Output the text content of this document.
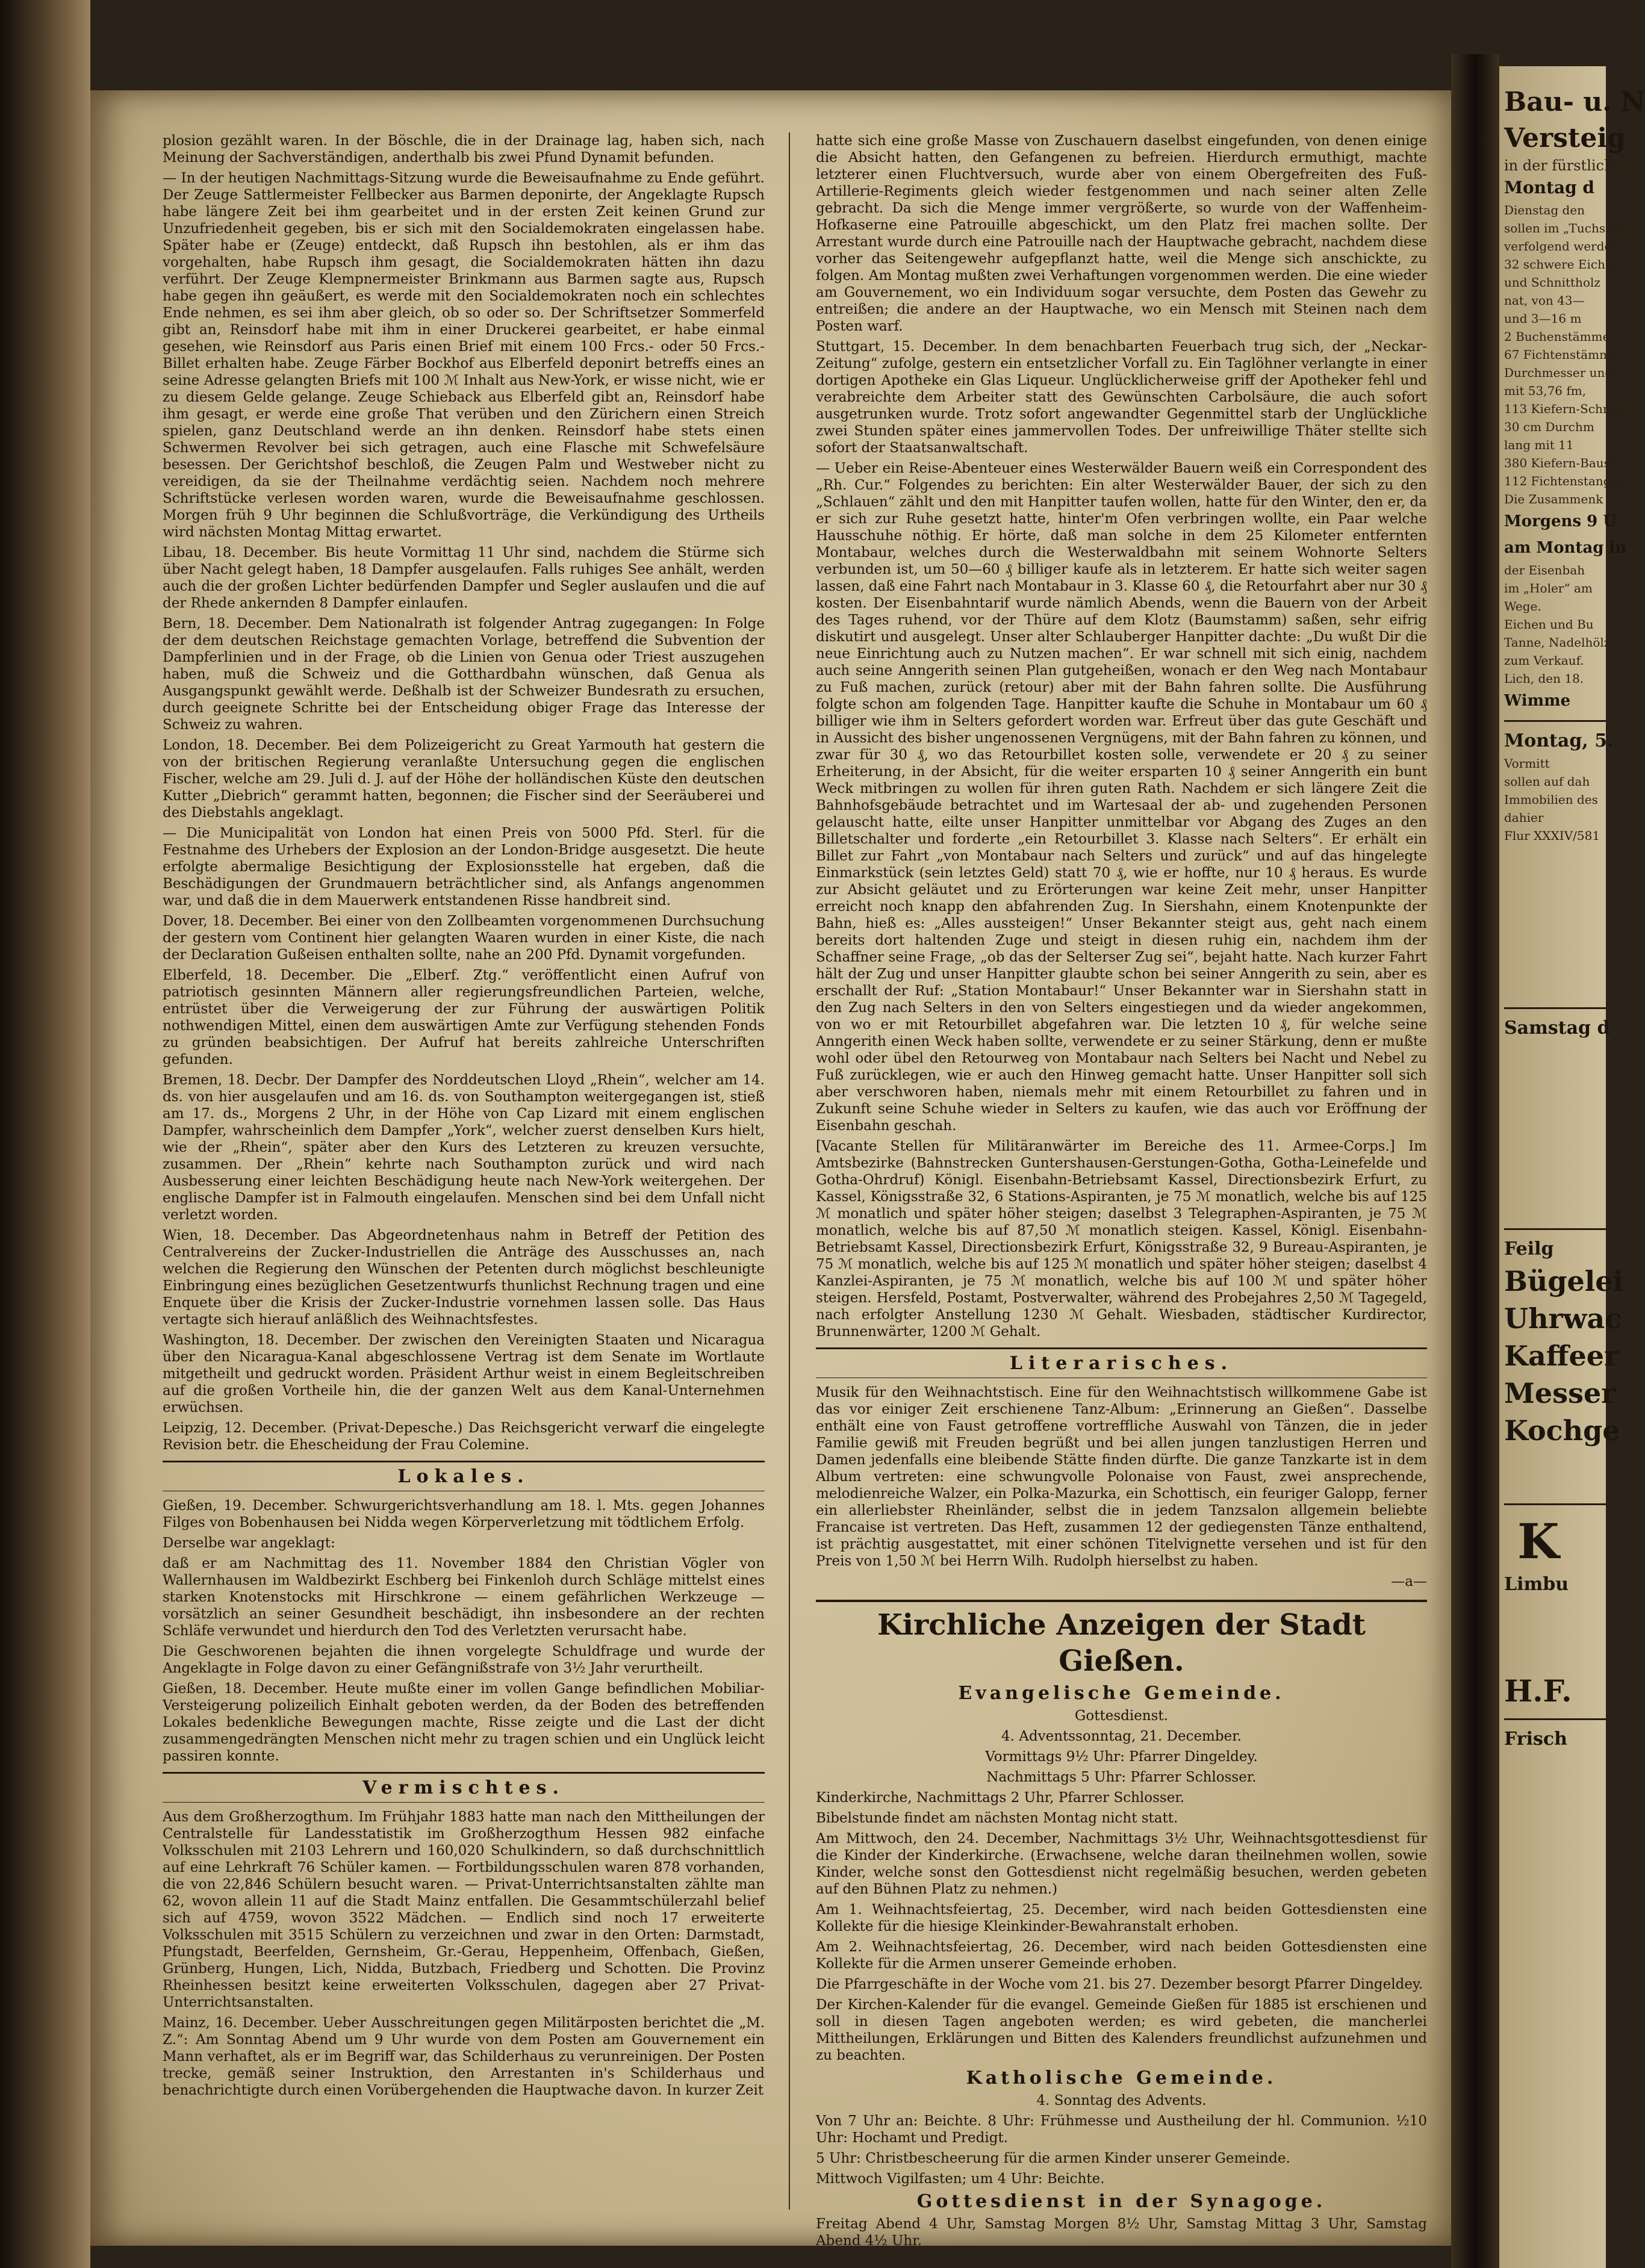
plosion gezählt waren. In der Böschle, die in der Drainage lag, haben sich, nach Meinung der Sachverständigen, anderthalb bis zwei Pfund Dynamit befunden.

— In der heutigen Nachmittags-Sitzung wurde die Beweisaufnahme zu Ende geführt. Der Zeuge Sattlermeister Fellbecker aus Barmen deponirte, der Angeklagte Rupsch habe längere Zeit bei ihm gearbeitet und in der ersten Zeit keinen Grund zur Unzufriedenheit gegeben, bis er sich mit den Socialdemokraten eingelassen habe. Später habe er (Zeuge) entdeckt, daß Rupsch ihn bestohlen, als er ihm das vorgehalten, habe Rupsch ihm gesagt, die Socialdemokraten hätten ihn dazu verführt. Der Zeuge Klempnermeister Brinkmann aus Barmen sagte aus, Rupsch habe gegen ihn geäußert, es werde mit den Socialdemokraten noch ein schlechtes Ende nehmen, es sei ihm aber gleich, ob so oder so. Der Schriftsetzer Sommerfeld gibt an, Reinsdorf habe mit ihm in einer Druckerei gearbeitet, er habe einmal gesehen, wie Reinsdorf aus Paris einen Brief mit einem 100 Frcs.- oder 50 Frcs.-Billet erhalten habe. Zeuge Färber Bockhof aus Elberfeld deponirt betreffs eines an seine Adresse gelangten Briefs mit 100 ℳ Inhalt aus New-York, er wisse nicht, wie er zu diesem Gelde gelange. Zeuge Schieback aus Elberfeld gibt an, Reinsdorf habe ihm gesagt, er werde eine große That verüben und den Zürichern einen Streich spielen, ganz Deutschland werde an ihn denken. Reinsdorf habe stets einen Schwermen Revolver bei sich getragen, auch eine Flasche mit Schwefelsäure besessen. Der Gerichtshof beschloß, die Zeugen Palm und Westweber nicht zu vereidigen, da sie der Theilnahme verdächtig seien. Nachdem noch mehrere Schriftstücke verlesen worden waren, wurde die Beweisaufnahme geschlossen. Morgen früh 9 Uhr beginnen die Schlußvorträge, die Verkündigung des Urtheils wird nächsten Montag Mittag erwartet.

Libau, 18. December. Bis heute Vormittag 11 Uhr sind, nachdem die Stürme sich über Nacht gelegt haben, 18 Dampfer ausgelaufen. Falls ruhiges See anhält, werden auch die der großen Lichter bedürfenden Dampfer und Segler auslaufen und die auf der Rhede ankernden 8 Dampfer einlaufen.

Bern, 18. December. Dem Nationalrath ist folgender Antrag zugegangen: In Folge der dem deutschen Reichstage gemachten Vorlage, betreffend die Subvention der Dampferlinien und in der Frage, ob die Linien von Genua oder Triest auszugehen haben, muß die Schweiz und die Gotthardbahn wünschen, daß Genua als Ausgangspunkt gewählt werde. Deßhalb ist der Schweizer Bundesrath zu ersuchen, durch geeignete Schritte bei der Entscheidung obiger Frage das Interesse der Schweiz zu wahren.

London, 18. December. Bei dem Polizeigericht zu Great Yarmouth hat gestern die von der britischen Regierung veranlaßte Untersuchung gegen die englischen Fischer, welche am 29. Juli d. J. auf der Höhe der holländischen Küste den deutschen Kutter „Diebrich“ gerammt hatten, begonnen; die Fischer sind der Seeräuberei und des Diebstahls angeklagt.

— Die Municipalität von London hat einen Preis von 5000 Pfd. Sterl. für die Festnahme des Urhebers der Explosion an der London-Bridge ausgesetzt. Die heute erfolgte abermalige Besichtigung der Explosionsstelle hat ergeben, daß die Beschädigungen der Grundmauern beträchtlicher sind, als Anfangs angenommen war, und daß die in dem Mauerwerk entstandenen Risse handbreit sind.

Dover, 18. December. Bei einer von den Zollbeamten vorgenommenen Durchsuchung der gestern vom Continent hier gelangten Waaren wurden in einer Kiste, die nach der Declaration Gußeisen enthalten sollte, nahe an 200 Pfd. Dynamit vorgefunden.

Elberfeld, 18. December. Die „Elberf. Ztg.“ veröffentlicht einen Aufruf von patriotisch gesinnten Männern aller regierungsfreundlichen Parteien, welche, entrüstet über die Verweigerung der zur Führung der auswärtigen Politik nothwendigen Mittel, einen dem auswärtigen Amte zur Verfügung stehenden Fonds zu gründen beabsichtigen. Der Aufruf hat bereits zahlreiche Unterschriften gefunden.

Bremen, 18. Decbr. Der Dampfer des Norddeutschen Lloyd „Rhein“, welcher am 14. ds. von hier ausgelaufen und am 16. ds. von Southampton weitergegangen ist, stieß am 17. ds., Morgens 2 Uhr, in der Höhe von Cap Lizard mit einem englischen Dampfer, wahrscheinlich dem Dampfer „York“, welcher zuerst denselben Kurs hielt, wie der „Rhein“, später aber den Kurs des Letzteren zu kreuzen versuchte, zusammen. Der „Rhein“ kehrte nach Southampton zurück und wird nach Ausbesserung einer leichten Beschädigung heute nach New-York weitergehen. Der englische Dampfer ist in Falmouth eingelaufen. Menschen sind bei dem Unfall nicht verletzt worden.

Wien, 18. December. Das Abgeordnetenhaus nahm in Betreff der Petition des Centralvereins der Zucker-Industriellen die Anträge des Ausschusses an, nach welchen die Regierung den Wünschen der Petenten durch möglichst beschleunigte Einbringung eines bezüglichen Gesetzentwurfs thunlichst Rechnung tragen und eine Enquete über die Krisis der Zucker-Industrie vornehmen lassen solle. Das Haus vertagte sich hierauf anläßlich des Weihnachtsfestes.

Washington, 18. December. Der zwischen den Vereinigten Staaten und Nicaragua über den Nicaragua-Kanal abgeschlossene Vertrag ist dem Senate im Wortlaute mitgetheilt und gedruckt worden. Präsident Arthur weist in einem Begleitschreiben auf die großen Vortheile hin, die der ganzen Welt aus dem Kanal-Unternehmen erwüchsen.

Leipzig, 12. December. (Privat-Depesche.) Das Reichsgericht verwarf die eingelegte Revision betr. die Ehescheidung der Frau Colemine.

Lokales.

Gießen, 19. December. Schwurgerichtsverhandlung am 18. l. Mts. gegen Johannes Filges von Bobenhausen bei Nidda wegen Körperverletzung mit tödtlichem Erfolg.

Derselbe war angeklagt:

daß er am Nachmittag des 11. November 1884 den Christian Vögler von Wallernhausen im Waldbezirkt Eschberg bei Finkenloh durch Schläge mittelst eines starken Knotenstocks mit Hirschkrone — einem gefährlichen Werkzeuge — vorsätzlich an seiner Gesundheit beschädigt, ihn insbesondere an der rechten Schläfe verwundet und hierdurch den Tod des Verletzten verursacht habe.

Die Geschworenen bejahten die ihnen vorgelegte Schuldfrage und wurde der Angeklagte in Folge davon zu einer Gefängnißstrafe von 3½ Jahr verurtheilt.

Gießen, 18. December. Heute mußte einer im vollen Gange befindlichen Mobiliar-Versteigerung polizeilich Einhalt geboten werden, da der Boden des betreffenden Lokales bedenkliche Bewegungen machte, Risse zeigte und die Last der dicht zusammengedrängten Menschen nicht mehr zu tragen schien und ein Unglück leicht passiren konnte.

Vermischtes.

Aus dem Großherzogthum. Im Frühjahr 1883 hatte man nach den Mittheilungen der Centralstelle für Landesstatistik im Großherzogthum Hessen 982 einfache Volksschulen mit 2103 Lehrern und 160,020 Schulkindern, so daß durchschnittlich auf eine Lehrkraft 76 Schüler kamen. — Fortbildungsschulen waren 878 vorhanden, die von 22,846 Schülern besucht waren. — Privat-Unterrichtsanstalten zählte man 62, wovon allein 11 auf die Stadt Mainz entfallen. Die Gesammtschülerzahl belief sich auf 4759, wovon 3522 Mädchen. — Endlich sind noch 17 erweiterte Volksschulen mit 3515 Schülern zu verzeichnen und zwar in den Orten: Darmstadt, Pfungstadt, Beerfelden, Gernsheim, Gr.-Gerau, Heppenheim, Offenbach, Gießen, Grünberg, Hungen, Lich, Nidda, Butzbach, Friedberg und Schotten. Die Provinz Rheinhessen besitzt keine erweiterten Volksschulen, dagegen aber 27 Privat-Unterrichtsanstalten.

Mainz, 16. December. Ueber Ausschreitungen gegen Militärposten berichtet die „M. Z.“: Am Sonntag Abend um 9 Uhr wurde von dem Posten am Gouvernement ein Mann verhaftet, als er im Begriff war, das Schilderhaus zu verunreinigen. Der Posten trecke, gemäß seiner Instruktion, den Arrestanten in's Schilderhaus und benachrichtigte durch einen Vorübergehenden die Hauptwache davon. In kurzer Zeit

hatte sich eine große Masse von Zuschauern daselbst eingefunden, von denen einige die Absicht hatten, den Gefangenen zu befreien. Hierdurch ermuthigt, machte letzterer einen Fluchtversuch, wurde aber von einem Obergefreiten des Fuß-Artillerie-Regiments gleich wieder festgenommen und nach seiner alten Zelle gebracht. Da sich die Menge immer vergrößerte, so wurde von der Waffenheim-Hofkaserne eine Patrouille abgeschickt, um den Platz frei machen sollte. Der Arrestant wurde durch eine Patrouille nach der Hauptwache gebracht, nachdem diese vorher das Seitengewehr aufgepflanzt hatte, weil die Menge sich anschickte, zu folgen. Am Montag mußten zwei Verhaftungen vorgenommen werden. Die eine wieder am Gouvernement, wo ein Individuum sogar versuchte, dem Posten das Gewehr zu entreißen; die andere an der Hauptwache, wo ein Mensch mit Steinen nach dem Posten warf.

Stuttgart, 15. December. In dem benachbarten Feuerbach trug sich, der „Neckar-Zeitung“ zufolge, gestern ein entsetzlicher Vorfall zu. Ein Taglöhner verlangte in einer dortigen Apotheke ein Glas Liqueur. Unglücklicherweise griff der Apotheker fehl und verabreichte dem Arbeiter statt des Gewünschten Carbolsäure, die auch sofort ausgetrunken wurde. Trotz sofort angewandter Gegenmittel starb der Unglückliche zwei Stunden später eines jammervollen Todes. Der unfreiwillige Thäter stellte sich sofort der Staatsanwaltschaft.

— Ueber ein Reise-Abenteuer eines Westerwälder Bauern weiß ein Correspondent des „Rh. Cur.“ Folgendes zu berichten: Ein alter Westerwälder Bauer, der sich zu den „Schlauen“ zählt und den mit Hanpitter taufen wollen, hatte für den Winter, den er, da er sich zur Ruhe gesetzt hatte, hinter'm Ofen verbringen wollte, ein Paar welche Hausschuhe nöthig. Er hörte, daß man solche in dem 25 Kilometer entfernten Montabaur, welches durch die Westerwaldbahn mit seinem Wohnorte Selters verbunden ist, um 50—60 ₰ billiger kaufe als in letzterem. Er hatte sich weiter sagen lassen, daß eine Fahrt nach Montabaur in 3. Klasse 60 ₰, die Retourfahrt aber nur 30 ₰ kosten. Der Eisenbahntarif wurde nämlich Abends, wenn die Bauern von der Arbeit des Tages ruhend, vor der Thüre auf dem Klotz (Baumstamm) saßen, sehr eifrig diskutirt und ausgelegt. Unser alter Schlauberger Hanpitter dachte: „Du wußt Dir die neue Einrichtung auch zu Nutzen machen“. Er war schnell mit sich einig, nachdem auch seine Anngerith seinen Plan gutgeheißen, wonach er den Weg nach Montabaur zu Fuß machen, zurück (retour) aber mit der Bahn fahren sollte. Die Ausführung folgte schon am folgenden Tage. Hanpitter kaufte die Schuhe in Montabaur um 60 ₰ billiger wie ihm in Selters gefordert worden war. Erfreut über das gute Geschäft und in Aussicht des bisher ungenossenen Vergnügens, mit der Bahn fahren zu können, und zwar für 30 ₰, wo das Retourbillet kosten solle, verwendete er 20 ₰ zu seiner Erheiterung, in der Absicht, für die weiter ersparten 10 ₰ seiner Anngerith ein bunt Weck mitbringen zu wollen für ihren guten Rath. Nachdem er sich längere Zeit die Bahnhofsgebäude betrachtet und im Wartesaal der ab- und zugehenden Personen gelauscht hatte, eilte unser Hanpitter unmittelbar vor Abgang des Zuges an den Billetschalter und forderte „ein Retourbillet 3. Klasse nach Selters“. Er erhält ein Billet zur Fahrt „von Montabaur nach Selters und zurück“ und auf das hingelegte Einmarkstück (sein letztes Geld) statt 70 ₰, wie er hoffte, nur 10 ₰ heraus. Es wurde zur Absicht geläutet und zu Erörterungen war keine Zeit mehr, unser Hanpitter erreicht noch knapp den abfahrenden Zug. In Siershahn, einem Knotenpunkte der Bahn, hieß es: „Alles aussteigen!“ Unser Bekannter steigt aus, geht nach einem bereits dort haltenden Zuge und steigt in diesen ruhig ein, nachdem ihm der Schaffner seine Frage, „ob das der Selterser Zug sei“, bejaht hatte. Nach kurzer Fahrt hält der Zug und unser Hanpitter glaubte schon bei seiner Anngerith zu sein, aber es erschallt der Ruf: „Station Montabaur!“ Unser Bekannter war in Siershahn statt in den Zug nach Selters in den von Selters eingestiegen und da wieder angekommen, von wo er mit Retourbillet abgefahren war. Die letzten 10 ₰, für welche seine Anngerith einen Weck haben sollte, verwendete er zu seiner Stärkung, denn er mußte wohl oder übel den Retourweg von Montabaur nach Selters bei Nacht und Nebel zu Fuß zurücklegen, wie er auch den Hinweg gemacht hatte. Unser Hanpitter soll sich aber verschworen haben, niemals mehr mit einem Retourbillet zu fahren und in Zukunft seine Schuhe wieder in Selters zu kaufen, wie das auch vor Eröffnung der Eisenbahn geschah.

[Vacante Stellen für Militäranwärter im Bereiche des 11. Armee-Corps.] Im Amtsbezirke (Bahnstrecken Guntershausen-Gerstungen-Gotha, Gotha-Leinefelde und Gotha-Ohrdruf) Königl. Eisenbahn-Betriebsamt Kassel, Directionsbezirk Erfurt, zu Kassel, Königsstraße 32, 6 Stations-Aspiranten, je 75 ℳ monatlich, welche bis auf 125 ℳ monatlich und später höher steigen; daselbst 3 Telegraphen-Aspiranten, je 75 ℳ monatlich, welche bis auf 87,50 ℳ monatlich steigen. Kassel, Königl. Eisenbahn-Betriebsamt Kassel, Directionsbezirk Erfurt, Königsstraße 32, 9 Bureau-Aspiranten, je 75 ℳ monatlich, welche bis auf 125 ℳ monatlich und später höher steigen; daselbst 4 Kanzlei-Aspiranten, je 75 ℳ monatlich, welche bis auf 100 ℳ und später höher steigen. Hersfeld, Postamt, Postverwalter, während des Probejahres 2,50 ℳ Tagegeld, nach erfolgter Anstellung 1230 ℳ Gehalt. Wiesbaden, städtischer Kurdirector, Brunnenwärter, 1200 ℳ Gehalt.

Literarisches.

Musik für den Weihnachtstisch. Eine für den Weihnachtstisch willkommene Gabe ist das vor einiger Zeit erschienene Tanz-Album: „Erinnerung an Gießen“. Dasselbe enthält eine von Faust getroffene vortreffliche Auswahl von Tänzen, die in jeder Familie gewiß mit Freuden begrüßt und bei allen jungen tanzlustigen Herren und Damen jedenfalls eine bleibende Stätte finden dürfte. Die ganze Tanzkarte ist in dem Album vertreten: eine schwungvolle Polonaise von Faust, zwei ansprechende, melodienreiche Walzer, ein Polka-Mazurka, ein Schottisch, ein feuriger Galopp, ferner ein allerliebster Rheinländer, selbst die in jedem Tanzsalon allgemein beliebte Francaise ist vertreten. Das Heft, zusammen 12 der gediegensten Tänze enthaltend, ist prächtig ausgestattet, mit einer schönen Titelvignette versehen und ist für den Preis von 1,50 ℳ bei Herrn Wilh. Rudolph hierselbst zu haben.

—a—

Kirchliche Anzeigen der Stadt Gießen.
Evangelische Gemeinde.

Gottesdienst.

4. Adventssonntag, 21. December.

Vormittags 9½ Uhr: Pfarrer Dingeldey.

Nachmittags 5 Uhr: Pfarrer Schlosser.

Kinderkirche, Nachmittags 2 Uhr, Pfarrer Schlosser.

Bibelstunde findet am nächsten Montag nicht statt.

Am Mittwoch, den 24. December, Nachmittags 3½ Uhr, Weihnachtsgottesdienst für die Kinder der Kinderkirche. (Erwachsene, welche daran theilnehmen wollen, sowie Kinder, welche sonst den Gottesdienst nicht regelmäßig besuchen, werden gebeten auf den Bühnen Platz zu nehmen.)

Am 1. Weihnachtsfeiertag, 25. December, wird nach beiden Gottesdiensten eine Kollekte für die hiesige Kleinkinder-Bewahranstalt erhoben.

Am 2. Weihnachtsfeiertag, 26. December, wird nach beiden Gottesdiensten eine Kollekte für die Armen unserer Gemeinde erhoben.

Die Pfarrgeschäfte in der Woche vom 21. bis 27. Dezember besorgt Pfarrer Dingeldey.

Der Kirchen-Kalender für die evangel. Gemeinde Gießen für 1885 ist erschienen und soll in diesen Tagen angeboten werden; es wird gebeten, die mancherlei Mittheilungen, Erklärungen und Bitten des Kalenders freundlichst aufzunehmen und zu beachten.

Katholische Gemeinde.

4. Sonntag des Advents.

Von 7 Uhr an: Beichte. 8 Uhr: Frühmesse und Austheilung der hl. Communion. ½10 Uhr: Hochamt und Predigt.

5 Uhr: Christbescheerung für die armen Kinder unserer Gemeinde.

Mittwoch Vigilfasten; um 4 Uhr: Beichte.

Gottesdienst in der Synagoge.

Freitag Abend 4 Uhr, Samstag Morgen 8½ Uhr, Samstag Mittag 3 Uhr, Samstag Abend 4½ Uhr.

Bau- u. N
Versteig
in der fürstliche
Montag d
Dienstag den
sollen im „Tuchsätz
verfolgend werden:
32 schwere Eichen
und Schnittholz
nat, von 43—
und 3—16 m
2 Buchenstämme
67 Fichtenstämme
Durchmesser und
mit 53,76 fm,
113 Kiefern-Schneid
30 cm Durchm
lang mit 11
380 Kiefern-Bauste
112 Fichtenstangen
Die Zusammenk
Morgens 9 U
am Montag in
der Eisenbah
im „Holer“ am
Wege.
Eichen und Bu
Tanne, Nadelhölz
zum Verkauf.
Lich, den 18.
Wimme
Montag, 5.
Vormitt
sollen auf dah
Immobilien des
dahier
Flur XXXIV/581
Samstag d
Feilg
Bügelei
Uhrwac
Kaffeer
Messer
Kochge
K
Limbu
H.F.
Frisch
